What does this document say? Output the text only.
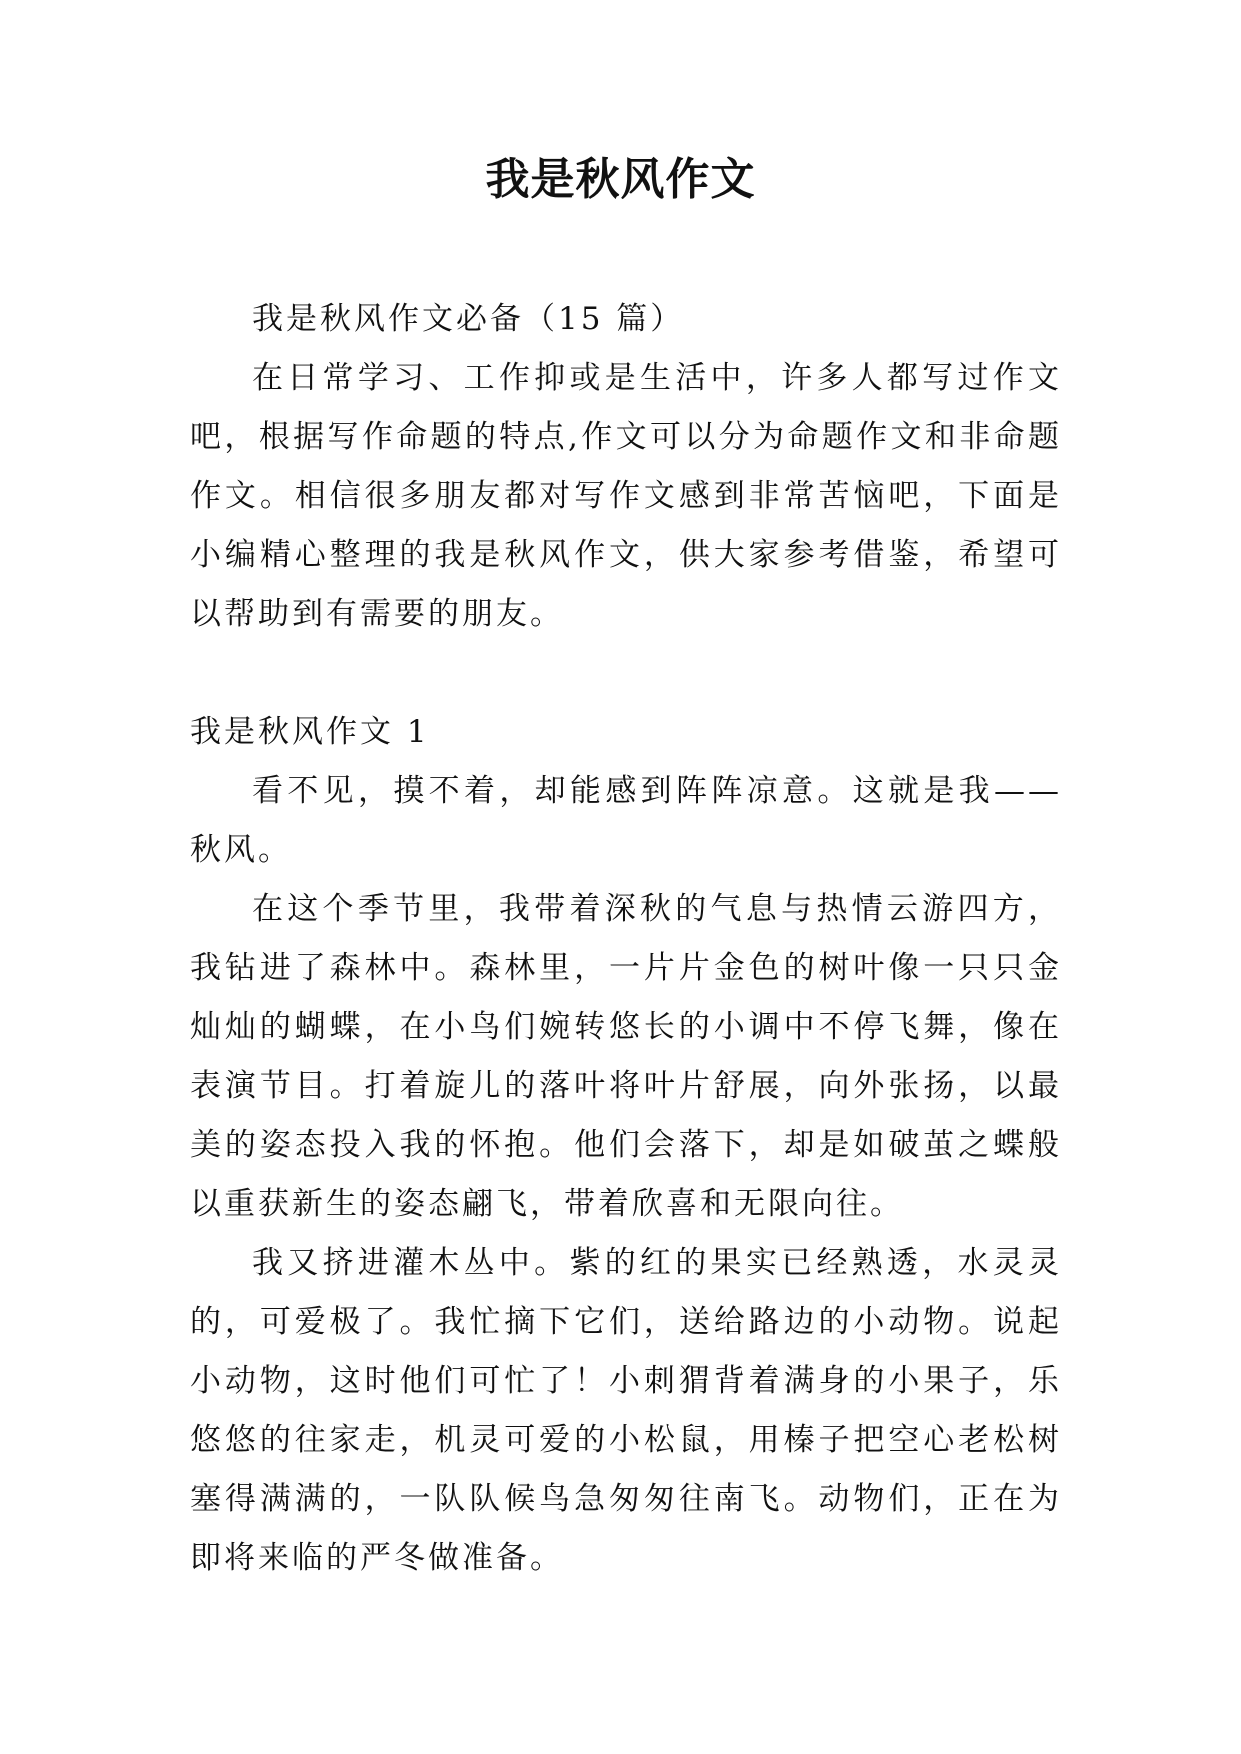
我是秋风作文

我是秋风作文必备（15 篇）

在日常学习、工作抑或是生活中，许多人都写过作文吧，根据写作命题的特点,作文可以分为命题作文和非命题作文。相信很多朋友都对写作文感到非常苦恼吧，下面是小编精心整理的我是秋风作文，供大家参考借鉴，希望可以帮助到有需要的朋友。

我是秋风作文 1

看不见，摸不着，却能感到阵阵凉意。这就是我——秋风。

在这个季节里，我带着深秋的气息与热情云游四方，我钻进了森林中。森林里，一片片金色的树叶像一只只金灿灿的蝴蝶，在小鸟们婉转悠长的小调中不停飞舞，像在表演节目。打着旋儿的落叶将叶片舒展，向外张扬，以最美的姿态投入我的怀抱。他们会落下，却是如破茧之蝶般以重获新生的姿态翩飞，带着欣喜和无限向往。

我又挤进灌木丛中。紫的红的果实已经熟透，水灵灵的，可爱极了。我忙摘下它们，送给路边的小动物。说起小动物，这时他们可忙了！小刺猬背着满身的小果子，乐悠悠的往家走，机灵可爱的小松鼠，用榛子把空心老松树塞得满满的，一队队候鸟急匆匆往南飞。动物们，正在为即将来临的严冬做准备。
